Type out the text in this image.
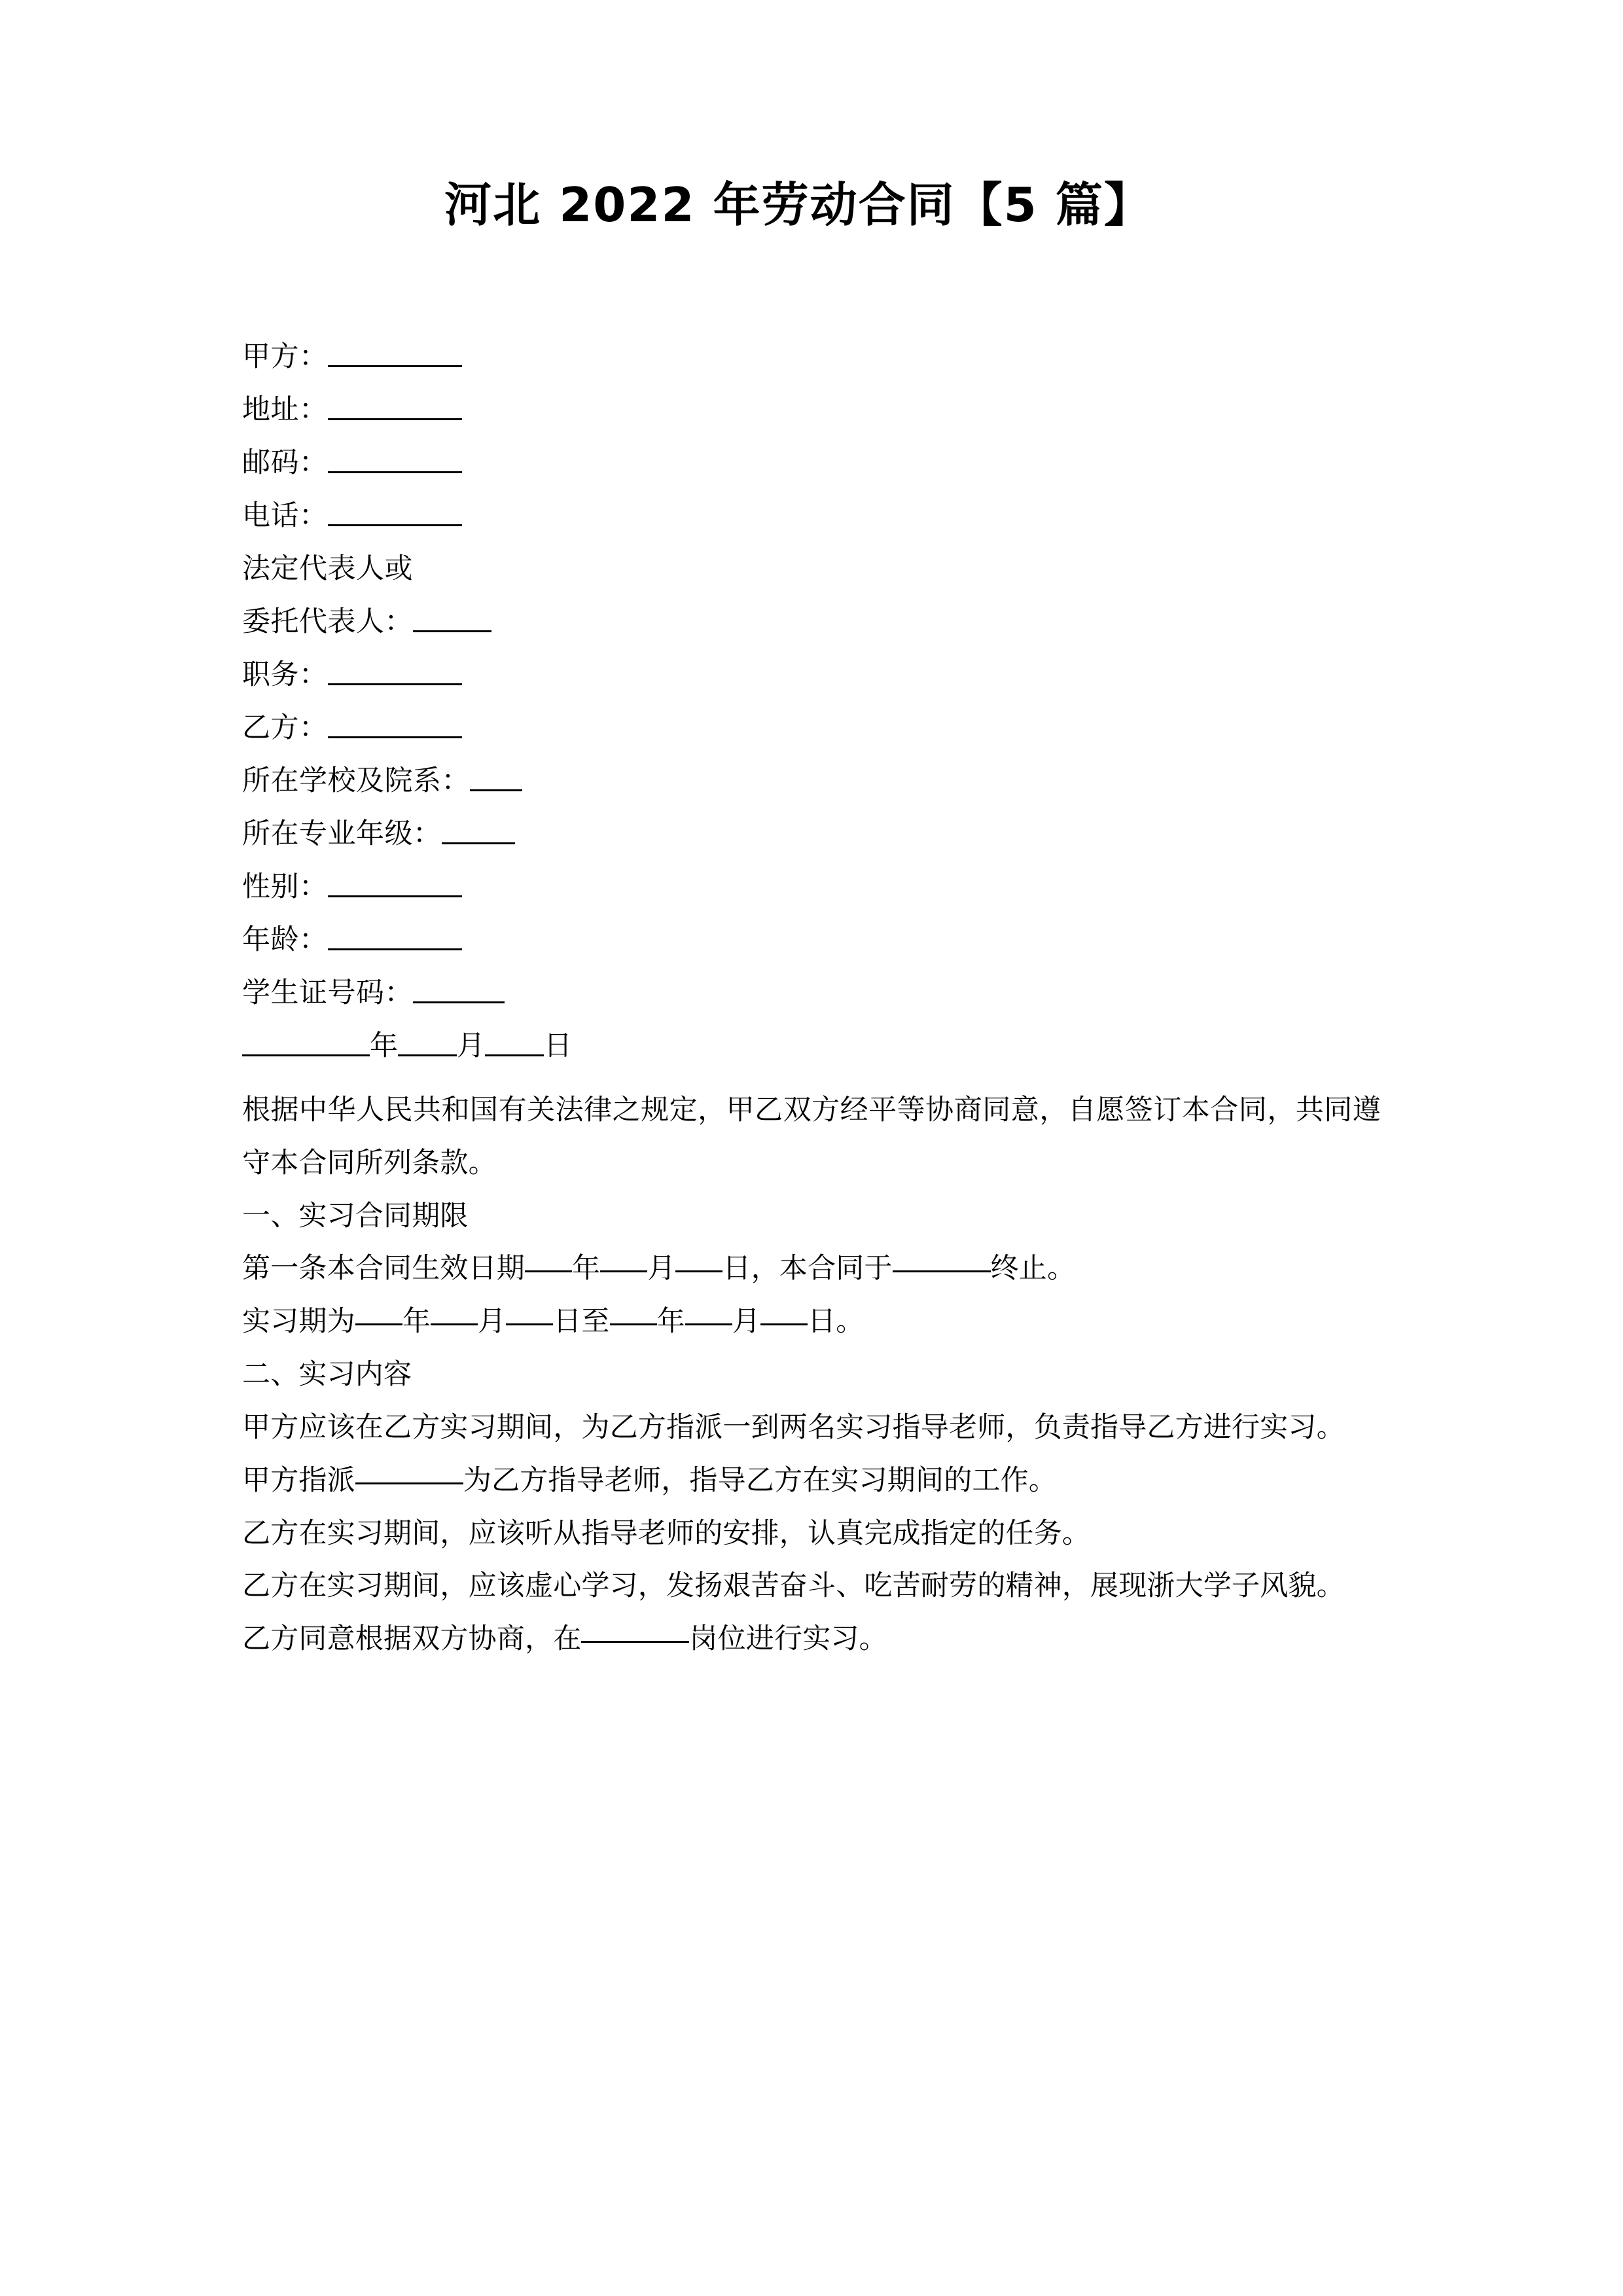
河北 2022 年劳动合同【5 篇】
甲方：
地址：
邮码：
电话：
法定代表人或
委托代表人：
职务：
乙方：
所在学校及院系：
所在专业年级：
性别：
年龄：
学生证号码：
年 月 日

根据中华人民共和国有关法律之规定，甲乙双方经平等协商同意，自愿签订本合同，共同遵守本合同所列条款。

一、实习合同期限

第一条本合同生效日期 年 月 日，本合同于	终止。

实习期为 年 月 日至 年 月 日。

二、实习内容

甲方应该在乙方实习期间，为乙方指派一到两名实习指导老师，负责指导乙方进行实习。

甲方指派	为乙方指导老师，指导乙方在实习期间的工作。

乙方在实习期间，应该听从指导老师的安排，认真完成指定的任务。

乙方在实习期间，应该虚心学习，发扬艰苦奋斗、吃苦耐劳的精神，展现浙大学子风貌。

乙方同意根据双方协商，在	岗位进行实习。
